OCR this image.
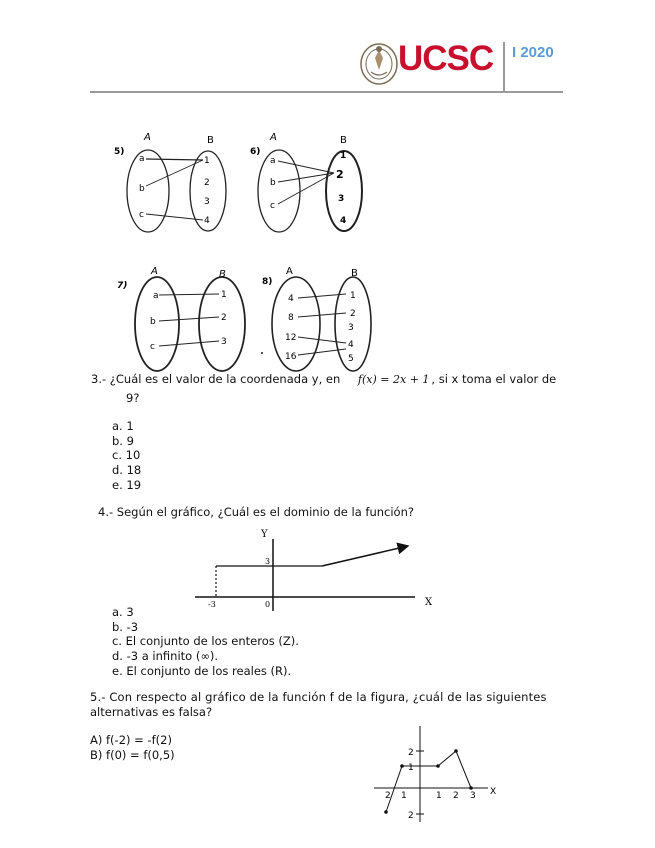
UCSC I 2020
5)
A	B
a
b
c
1
2
3
4
6)
A	B
a
b
c
1
2
3
4
7)
A	B
a
b
c
1
2
3
8)
A	B
4
8
12
16
1
2
3
4
5
3.- ¿Cuál es el valor de la coordenada y, en f(x) = 2x + 1 , si x toma el valor de
9?
a. 1
b. 9
c. 10
d. 18
e. 19
4.- Según el gráfico, ¿Cuál es el dominio de la función?
Y
X
3
-3	0
a. 3
b. -3
c. El conjunto de los enteros (Z).
d. -3 a infinito (∞).
e. El conjunto de los reales (R).
5.- Con respecto al gráfico de la función f de la figura, ¿cuál de las siguientes
alternativas es falsa?
A) f(-2) = -f(2)
B) f(0) = f(0,5)	2
1
2
2 1	1 2 3 X
